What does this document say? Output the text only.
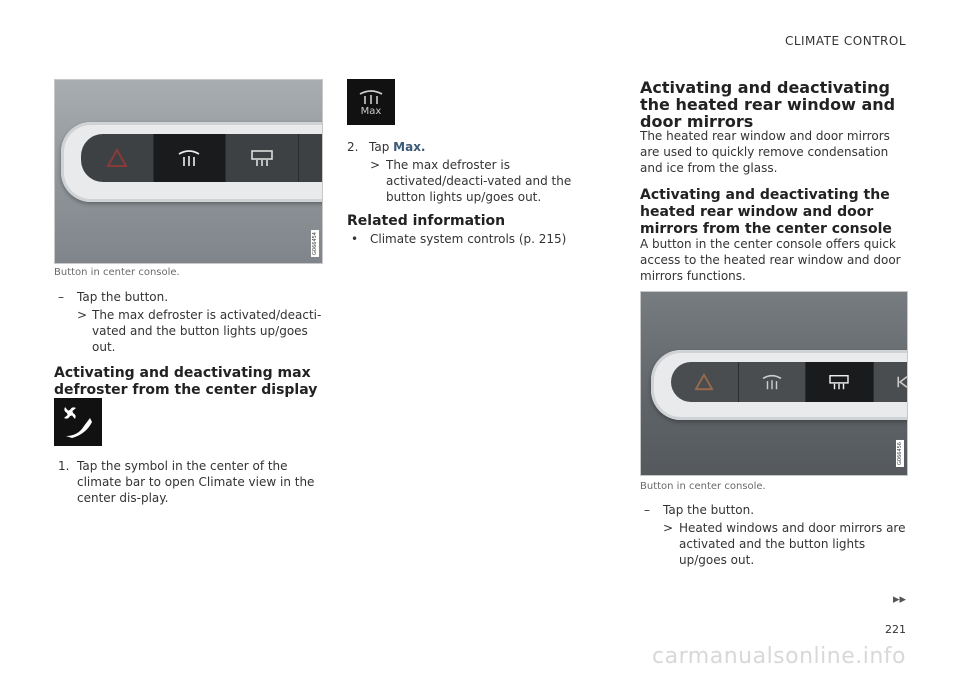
CLIMATE CONTROL
G066454
Button in center console.
– Tap the button.
> The max defroster is activated/deacti-vated and the button lights up/goes out.
Activating and deactivating max defroster from the center display
1. Tap the symbol in the center of the climate bar to open Climate view in the center dis-play.
Max
2. Tap Max.
> The max defroster is activated/deacti-vated and the button lights up/goes out.
Related information
• Climate system controls (p. 215)
Activating and deactivating the heated rear window and door mirrors
The heated rear window and door mirrors are used to quickly remove condensation and ice from the glass.
Activating and deactivating the heated rear window and door mirrors from the center console
A button in the center console offers quick access to the heated rear window and door mirrors functions.
G066456
Button in center console.
– Tap the button.
> Heated windows and door mirrors are activated and the button lights up/goes out.
▸▸
221
carmanualsonline.info
